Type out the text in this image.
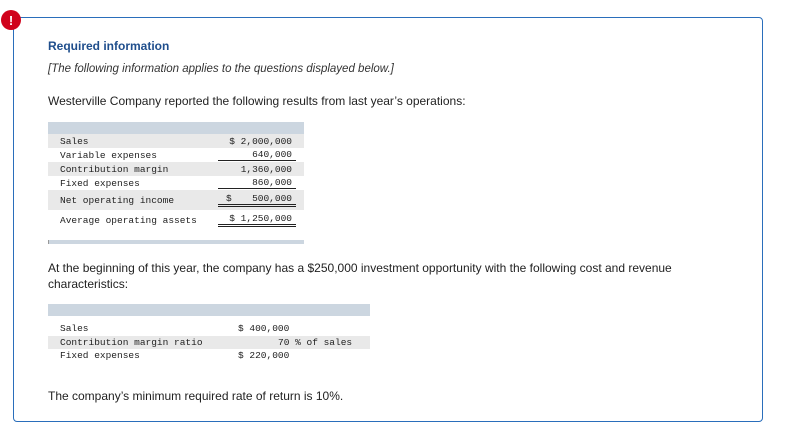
!
Required information
[The following information applies to the questions displayed below.]
Westerville Company reported the following results from last year’s operations:
Sales	$ 2,000,000
Variable expenses	640,000
Contribution margin	1,360,000
Fixed expenses	860,000
Net operating income	$ 500,000
Average operating assets	$ 1,250,000
At the beginning of this year, the company has a $250,000 investment opportunity with the following cost and revenue characteristics:
Sales	$ 400,000
Contribution margin ratio	70 % of sales
Fixed expenses	$ 220,000
The company’s minimum required rate of return is 10%.
